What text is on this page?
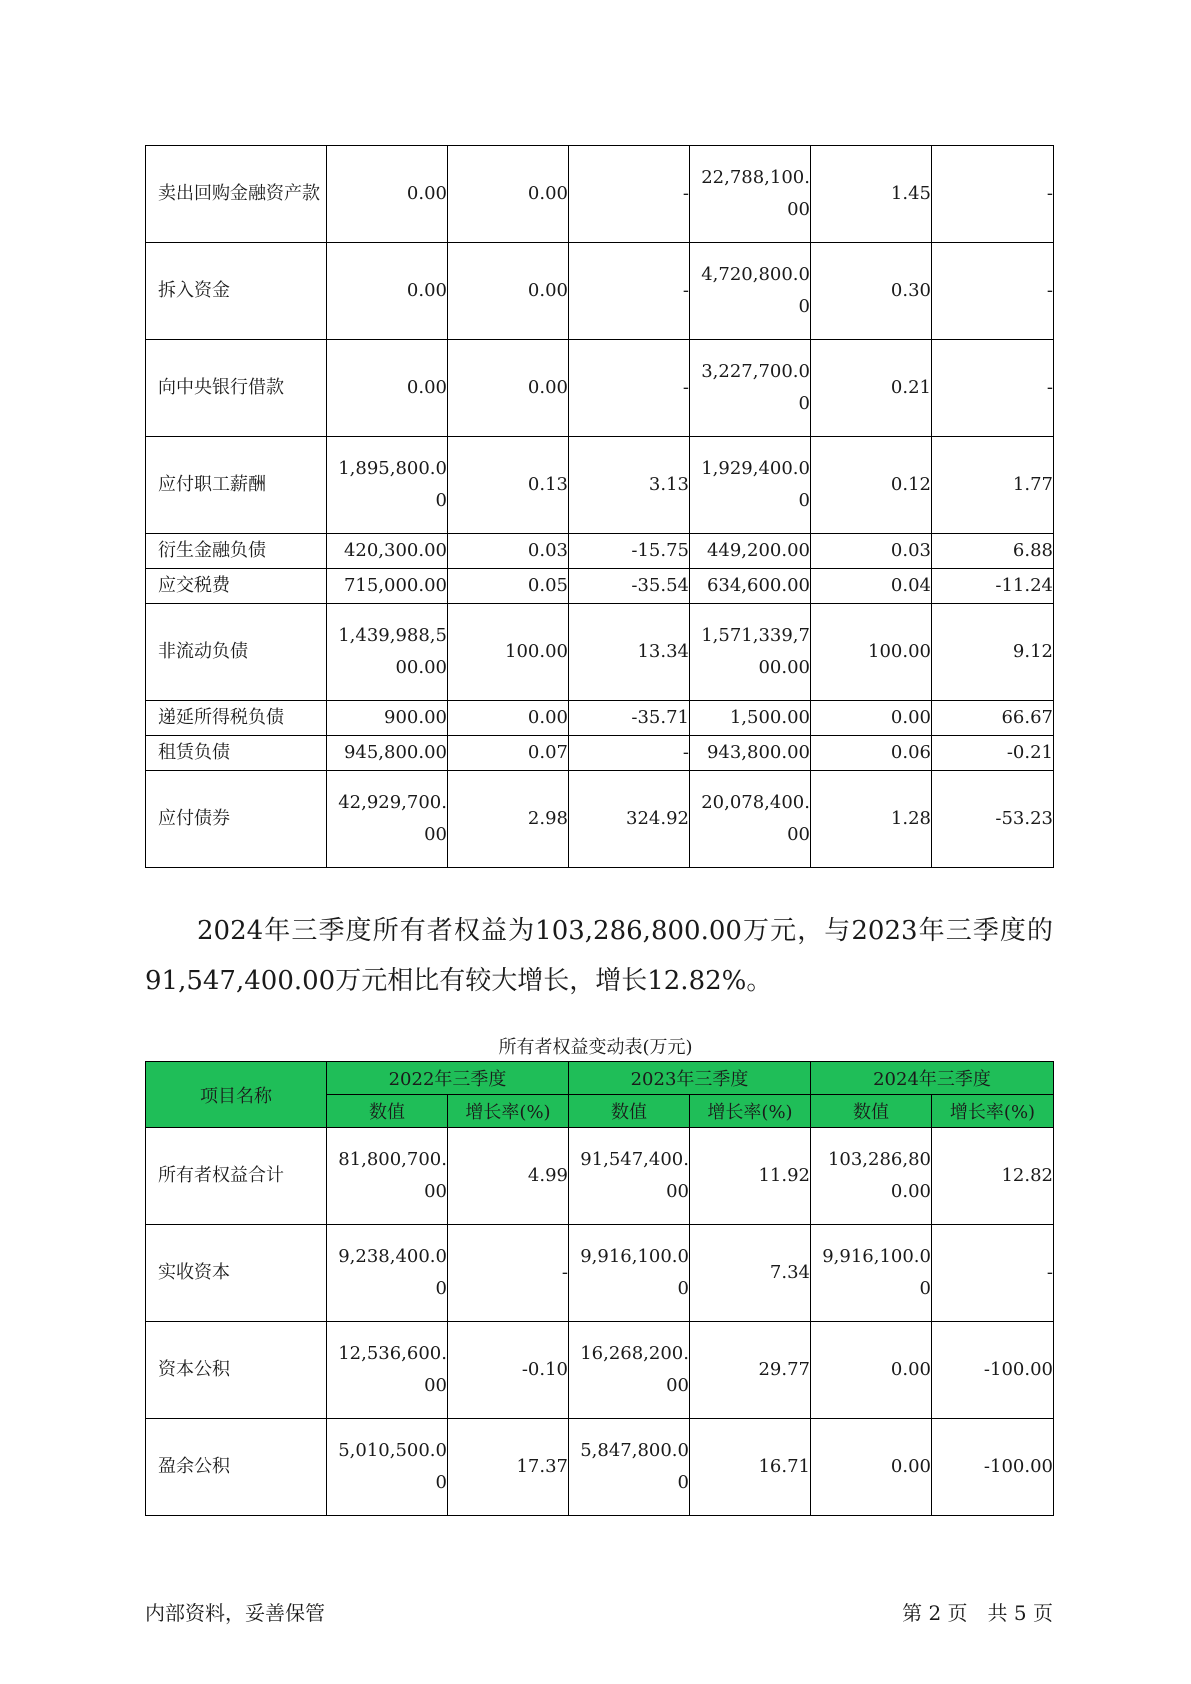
卖出回购金融资产款	0.00	0.00	-	22,788,100.00	1.45	-
拆入资金	0.00	0.00	-	4,720,800.00	0.30	-
向中央银行借款	0.00	0.00	-	3,227,700.00	0.21	-
应付职工薪酬	1,895,800.00	0.13	3.13	1,929,400.00	0.12	1.77
衍生金融负债	420,300.00	0.03	-15.75	449,200.00	0.03	6.88
应交税费	715,000.00	0.05	-35.54	634,600.00	0.04	-11.24
非流动负债	1,439,988,500.00	100.00	13.34	1,571,339,700.00	100.00	9.12
递延所得税负债	900.00	0.00	-35.71	1,500.00	0.00	66.67
租赁负债	945,800.00	0.07	-	943,800.00	0.06	-0.21
应付债券	42,929,700.00	2.98	324.92	20,078,400.00	1.28	-53.23

2024年三季度所有者权益为103,286,800.00万元，与2023年三季度的91,547,400.00万元相比有较大增长，增长12.82%。

所有者权益变动表(万元)
项目名称	2022年三季度		2023年三季度		2024年三季度	
	数值	增长率(%)	数值	增长率(%)	数值	增长率(%)
所有者权益合计	81,800,700.00	4.99	91,547,400.00	11.92	103,286,800.00	12.82
实收资本	9,238,400.00	-	9,916,100.00	7.34	9,916,100.00	-
资本公积	12,536,600.00	-0.10	16,268,200.00	29.77	0.00	-100.00
盈余公积	5,010,500.00	17.37	5,847,800.00	16.71	0.00	-100.00
内部资料，妥善保管	第 2 页　共 5 页
